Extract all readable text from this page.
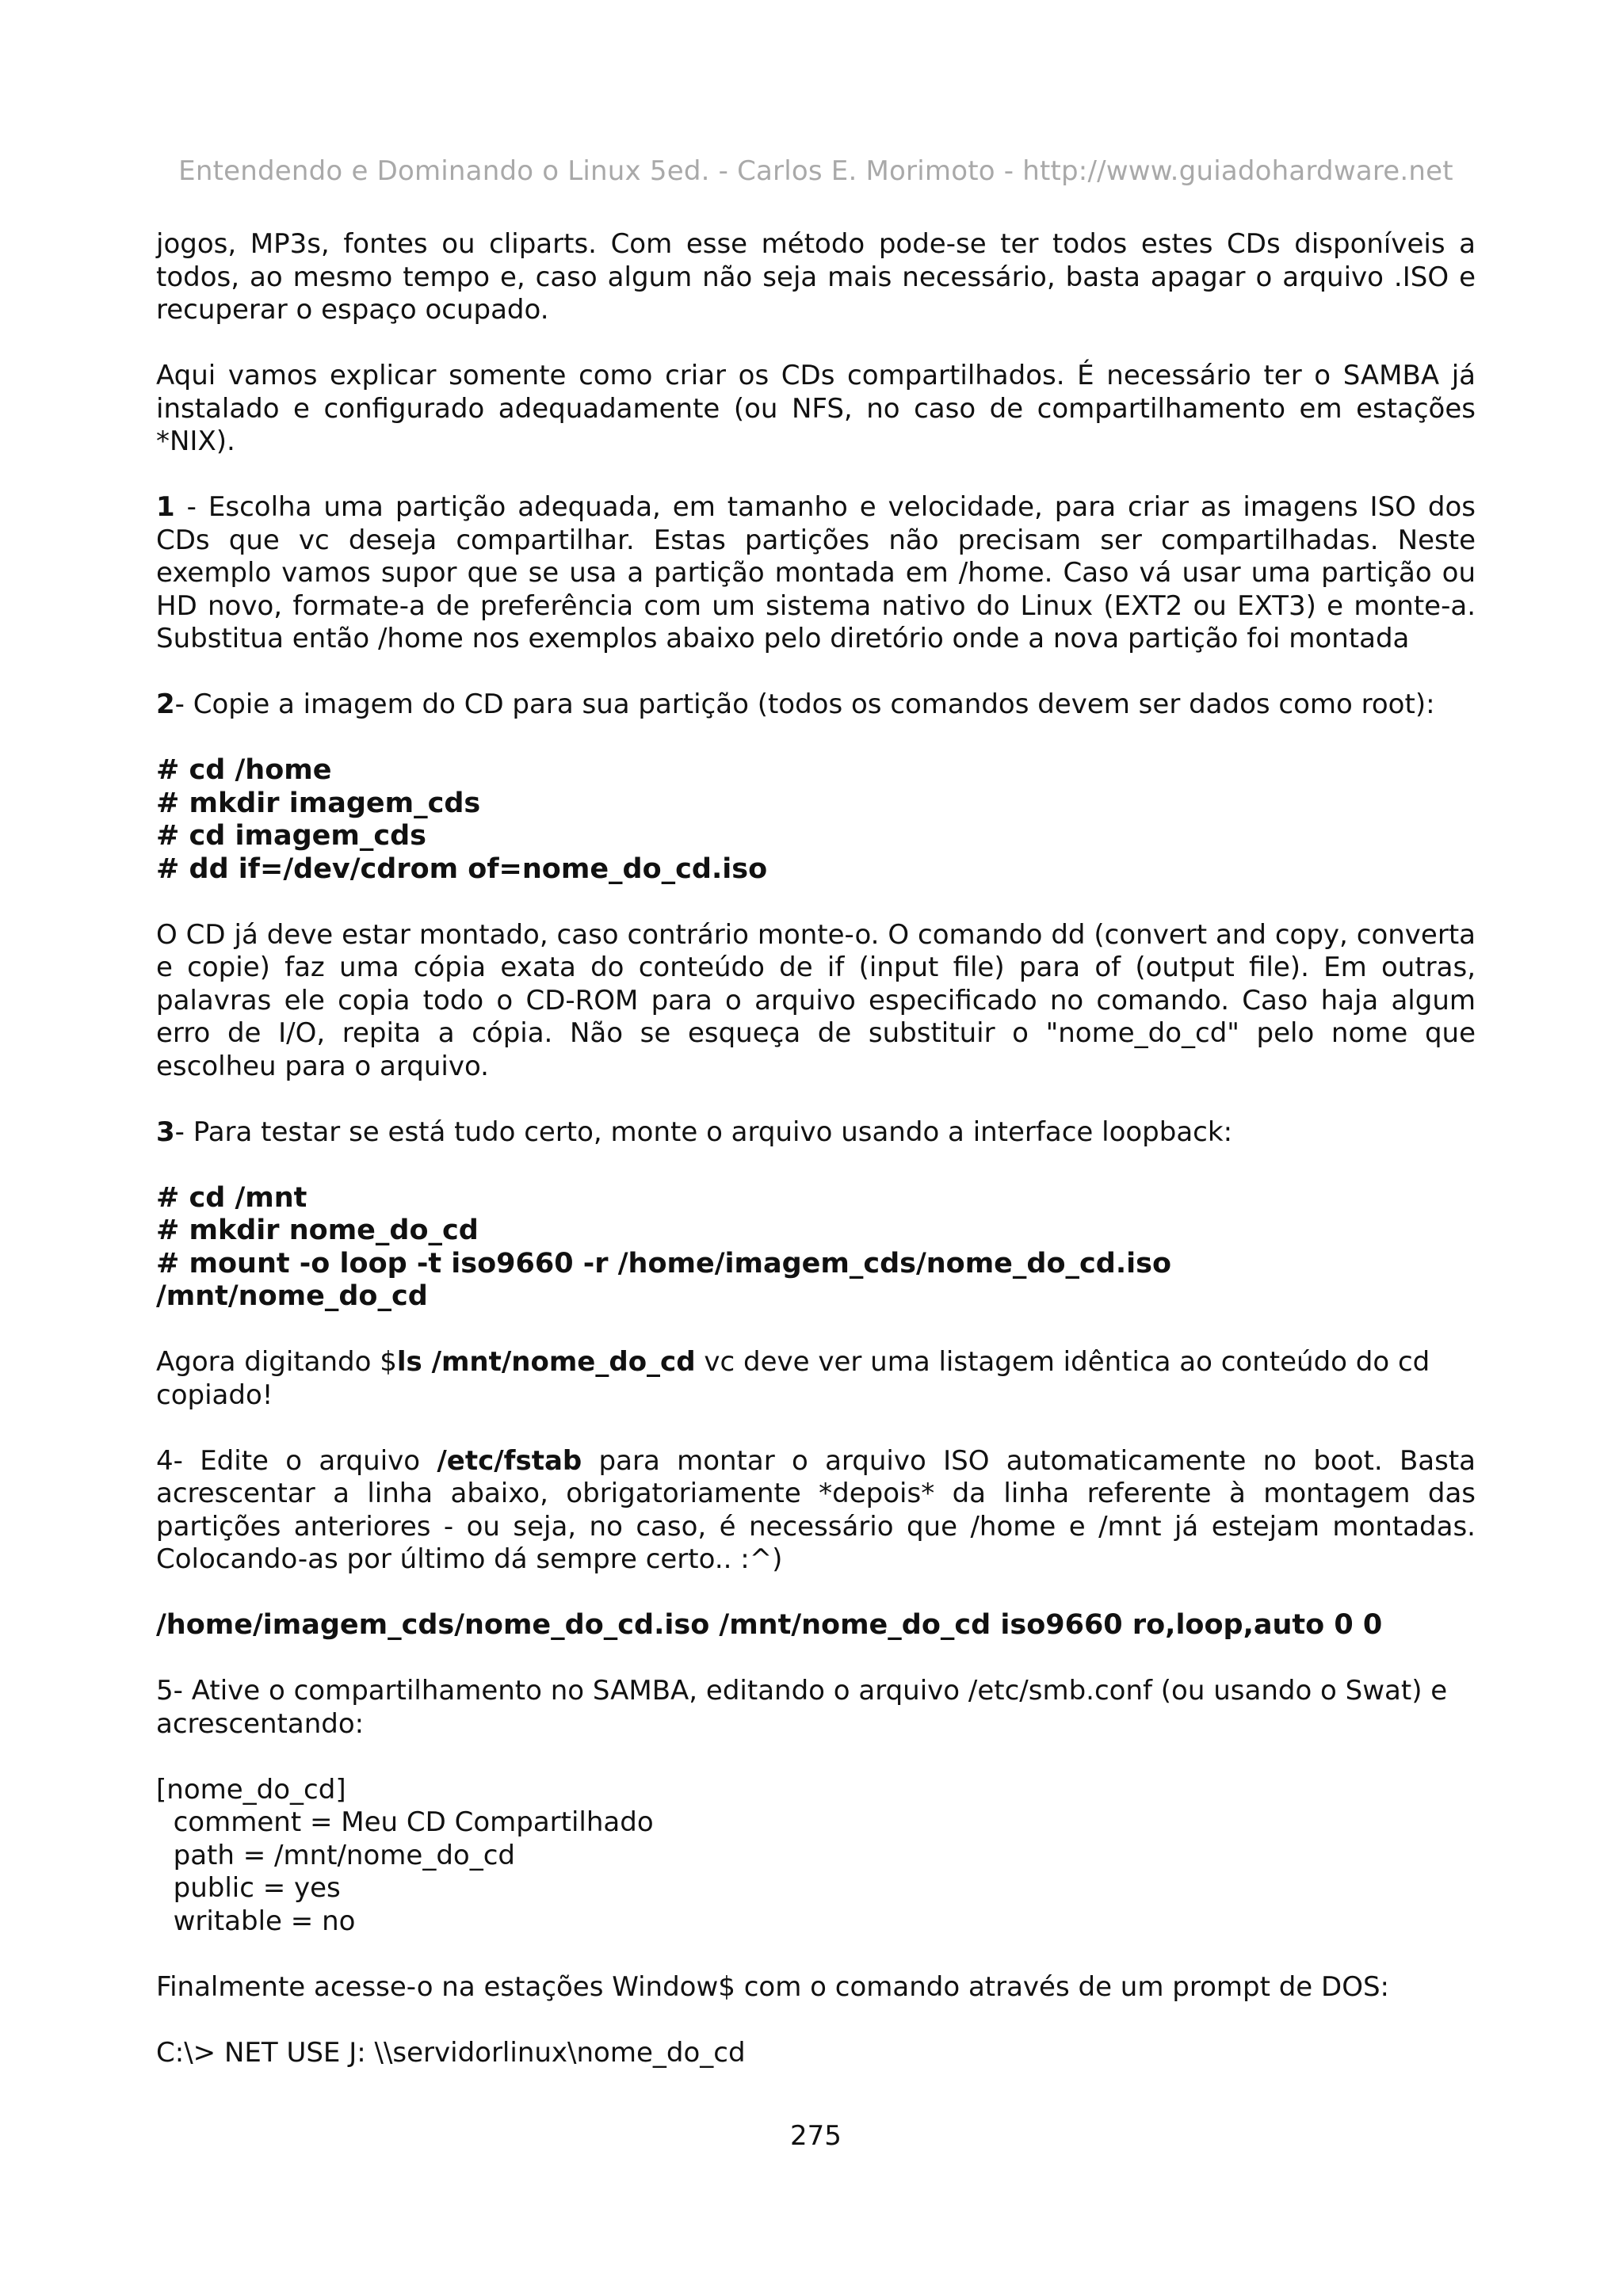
Entendendo e Dominando o Linux 5ed. - Carlos E. Morimoto - http://www.guiadohardware.net

jogos, MP3s, fontes ou cliparts. Com esse método pode-se ter todos estes CDs disponíveis a todos, ao mesmo tempo e, caso algum não seja mais necessário, basta apagar o arquivo .ISO e recuperar o espaço ocupado.

Aqui vamos explicar somente como criar os CDs compartilhados. É necessário ter o SAMBA já instalado e configurado adequadamente (ou NFS, no caso de compartilhamento em estações *NIX).

1 - Escolha uma partição adequada, em tamanho e velocidade, para criar as imagens ISO dos CDs que vc deseja compartilhar. Estas partições não precisam ser compartilhadas. Neste exemplo vamos supor que se usa a partição montada em /home. Caso vá usar uma partição ou HD novo, formate-a de preferência com um sistema nativo do Linux (EXT2 ou EXT3) e monte-a. Substitua então /home nos exemplos abaixo pelo diretório onde a nova partição foi montada

2- Copie a imagem do CD para sua partição (todos os comandos devem ser dados como root):

# cd /home
# mkdir imagem_cds
# cd imagem_cds
# dd if=/dev/cdrom of=nome_do_cd.iso

O CD já deve estar montado, caso contrário monte-o. O comando dd (convert and copy, converta e copie) faz uma cópia exata do conteúdo de if (input file) para of (output file). Em outras, palavras ele copia todo o CD-ROM para o arquivo especificado no comando. Caso haja algum erro de I/O, repita a cópia. Não se esqueça de substituir o "nome_do_cd" pelo nome que escolheu para o arquivo.

3- Para testar se está tudo certo, monte o arquivo usando a interface loopback:

# cd /mnt
# mkdir nome_do_cd
# mount -o loop -t iso9660 -r /home/imagem_cds/nome_do_cd.iso
/mnt/nome_do_cd

Agora digitando $ls /mnt/nome_do_cd vc deve ver uma listagem idêntica ao conteúdo do cd copiado!

4- Edite o arquivo /etc/fstab para montar o arquivo ISO automaticamente no boot. Basta acrescentar a linha abaixo, obrigatoriamente *depois* da linha referente à montagem das partições anteriores - ou seja, no caso, é necessário que /home e /mnt já estejam montadas. Colocando-as por último dá sempre certo.. :^)

/home/imagem_cds/nome_do_cd.iso /mnt/nome_do_cd iso9660 ro,loop,auto 0 0

5- Ative o compartilhamento no SAMBA, editando o arquivo /etc/smb.conf (ou usando o Swat) e acrescentando:

[nome_do_cd]
comment = Meu CD Compartilhado
path = /mnt/nome_do_cd
public = yes
writable = no

Finalmente acesse-o na estações Window$ com o comando através de um prompt de DOS:

C:\> NET USE J: \\servidorlinux\nome_do_cd

275
